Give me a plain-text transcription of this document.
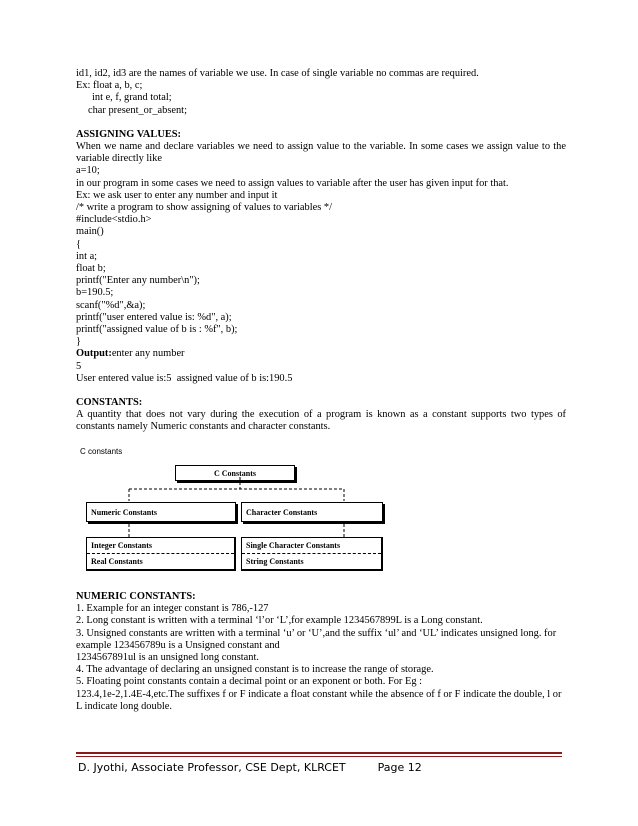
id1, id2, id3 are the names of variable we use. In case of single variable no commas are required.
Ex: float a, b, c;
int e, f, grand total;
char present_or_absent;
ASSIGNING VALUES:
When we name and declare variables we need to assign value to the variable. In some cases we assign value to the variable directly like
a=10;
in our program in some cases we need to assign values to variable after the user has given input for that.
Ex: we ask user to enter any number and input it
/* write a program to show assigning of values to variables */
#include<stdio.h>
main()
{
int a;
float b;
printf("Enter any number\n");
b=190.5;
scanf("%d",&a);
printf("user entered value is: %d", a);
printf("assigned value of b is : %f", b);
}
Output:enter any number
5
User entered value is:5  assigned value of b is:190.5
CONSTANTS:
A quantity that does not vary during the execution of a program is known as a constant supports two types of constants namely Numeric constants and character constants.
C constants
C Constants
Numeric Constants	Character Constants
Integer Constants
Real Constants
Single Character Constants
String Constants
NUMERIC CONSTANTS:
1. Example for an integer constant is 786,-127
2. Long constant is written with a terminal ‘l’or ‘L’,for example 1234567899L is a Long constant.
3. Unsigned constants are written with a terminal ‘u’ or ‘U’,and the suffix ‘ul’ and ‘UL’ indicates unsigned long. for example 123456789u is a Unsigned constant and
1234567891ul is an unsigned long constant.
4. The advantage of declaring an unsigned constant is to increase the range of storage.
5. Floating point constants contain a decimal point or an exponent or both. For Eg :
123.4,1e-2,1.4E-4,etc.The suffixes f or F indicate a float constant while the absence of f or F indicate the double, l or L indicate long double.
D. Jyothi, Associate Professor, CSE Dept, KLRCET	Page 12
